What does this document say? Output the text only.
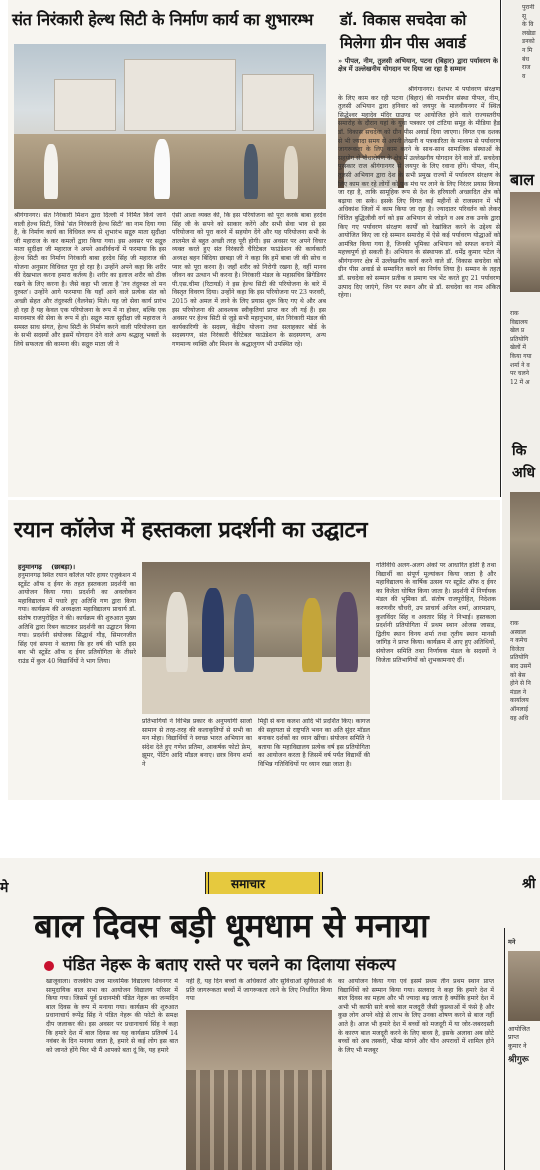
संत निरंकारी हेल्थ सिटी के निर्माण कार्य का शुभारम्भ
श्रीगंगानगर। संत निरंकारी मिशन द्वारा दिल्ली में निर्मित किये जाने वाली हेल्थ सिटी, जिसे 'संत निरंकारी हेल्थ सिटी' का नाम दिया गया है, के निर्माण कार्य का विधिवत रूप से शुभारंभ सद्गुरु माता सुदीक्षा जी महाराज के कर कमलों द्वारा किया गया। इस अवसर पर सद्गुरु माता सुदीक्षा जी महाराज ने अपने आशीर्वचनों में फरमाया कि इस हेल्थ सिटी का निर्माण निरंकारी बाबा हरदेव सिंह जी महाराज की योजना अनुसार विधिवत पूरा हो रहा है। उन्होंने अपने कहा कि शरीर की देखभाल करना हमारा कर्तव्य है। शरीर का इलाज शरीर को ठीक रखने के लिए करना है। जैसे कहा भी जाता है 'तन तंदुरुस्त तो मन दुरुस्त'। उन्होंने आगे फरमाया कि यहाँ आने वाले प्रत्येक संत को अच्छी सेहत और तंदुरुस्ती (वैलनेस) मिले। यह जो सेवा कार्य प्रारंभ हो रहा है यह केवल एक परियोजना के रूप में ना होकर, बल्कि एक मानवमात्र की सेवा के रूप में हो। सद्गुरु माता सुदीक्षा जी महाराज ने समस्त साध संगत, हेल्थ सिटी के निर्माण करने वाली परियोजना दल के सभी सदस्यों और इसमें योगदान देने वाले अन्य श्रद्धालु भक्तों के लिये सफलता की कामना की। सद्गुरु माता जी ने
ऐसी आशा व्यक्त की, कि इस परियोजना को पूरा करके बाबा हरदेव सिंह जी के सपने को साकार करेंगे और सभी सेवा भाव से इस परियोजना को पूरा करने में सहयोग देंगे और यह परियोजना सभी के तालमेल से बहुत अच्छी तरह पूरी होगी। इस अवसर पर अपने विचार व्यक्त करते हुए संत निरंकारी चैरिटेबल फाउंडेशन की कार्यकारी अध्यक्ष बहन बिंदिया छाबड़ा जी ने कहा कि हमें बाबा जी की सोच व प्यार को पूरा करना है। जहाँ शरीर को निरोगी रखना है, वहीं मानव जीवन का उत्थान भी करना है। निरंकारी मंडल के महासचिव ब्रिगेडियर पी.एस.चीमा (रिटायर्ड) ने इस हेल्थ सिटी की परियोजना के बारे में विस्तृत विवरण दिया। उन्होंने कहा कि इस परियोजना पर 23 फरवरी, 2015 को अमल में लाने के लिए प्रयास शुरू किए गए थे और अब इस परियोजना की आवश्यक स्वीकृतियां प्राप्त कर ली गई हैं। इस अवसर पर हेल्थ सिटी से जुड़े सभी महानुभाव, संत निरंकारी मंडल की कार्यकारिणी के सदस्य, केंद्रीय योजना तथा सलाहकार बोर्ड के सदस्यगण, संत निरंकारी चैरिटेबल फाउंडेशन के सदस्यगण, अन्य गणमान्य व्यक्ति और मिशन के श्रद्धालुगण भी उपस्थित रहे।
डॉ. विकास सचदेवा को
मिलेगा ग्रीन पीस अवार्ड
» पीपल, नीम, तुलसी अभियान, पटना (बिहार) द्वारा पर्यावरण के क्षेत्र में उल्लेखनीय योगदान पर दिया जा रहा है सम्मान
श्रीगंगानगर। देशभर में पर्यावरण संरक्षण के लिए काम कर रही पटना (बिहार) की नामचीन संस्था पीपल, नीम, तुलसी अभियान द्वारा हनिवार को जयपुर के मालवीयनगर में स्थित सिद्धेश्वर महादेव मंदिर ग्राउण्ड पर आयोजित होने वाले राज्यस्तरीय समारोह के दौरान यहां के युवा पत्रकार एवं टांटिया समूह के मीडिया हैड डॉ. विकास सचदेवा को ग्रीन पीस अवार्ड दिया जाएगा। विगत एक दशक से भी ज्यादा समय से अपनी लेखनी व पत्रकारिता के माध्यम से पर्यावरण जागरूकता के लिए काम करने के साथ-साथ सामाजिक संस्थाओं के सहयोग से पौधारोपण के क्षेत्र में उल्लेखनीय योगदान देने वाले डॉ. सचदेवा पुरस्कार राज श्रीगंगानगर से जयपुर के लिए रवाना होंगे। पीपल, नीम, तुलसी अभियान द्वारा देश के सभी प्रमुख राज्यों में पर्यावरण संरक्षण के लिए काम कर रहे लोगों को एक मंच पर लाने के लिए निरंतर प्रयास किया जा रहा है, ताकि सामूहिक रूप से देश के हरियाली अच्छादित क्षेत्र को बढ़ाया जा सके। इसके लिए विगत कई महीनों से राजस्थान में भी अधिकांश जिलों में काम किया जा रहा है। ज्यादातर परिवर्तन को लेकर चिंतित बुद्धिजीवी वर्ग को इस अभियान से जोड़ने व अब तक उनके द्वारा किए गए पर्यावरण संरक्षण कार्यों को रेखांकित करने के उद्देश्य से आयोजित किए जा रहे सम्मान समारोह में ऐसे कई पर्यावरण योद्धाओं को आमंत्रित किया गया है, जिनकी भूमिका अभियान को सफल बनाने में महत्त्वपूर्ण हो सकती है। अभियान के संस्थापक डॉ. धर्मेंद्र कुमार पटेल ने श्रीगंगानगर क्षेत्र में उल्लेखनीय कार्य करने वाले डॉ. विकास सचदेवा को ग्रीन पीस अवार्ड से सम्मानित करने का निर्णय लिया है। सम्मान के तहत डॉ. सचदेवा को सम्मान प्रतीक व प्रमाण पत्र भेंट करते हुए 21 पर्यावरण उत्पाद दिए जाएंगे, जिन पर स्थान और से डॉ. सचदेवा का नाम अंकित रहेगा।
पुरानी सू
के वि
लखेडा
डनको
न मि
बंध
राज
व
बाल
राक
विद्यालय
खेल प्र
प्रतियोगि
खेलों में
किया गया
शर्मा ने व
पर चलने
12 में अ
कि अधि
राक
अस्वाल
न कमेच
विजेता
प्रतियोगि
बाद उसमें
को बेस
होने से नि
मंडल ने
कार्यालय
ऑनलाई
वह अधि
रयान कॉलेज में हस्तकला प्रदर्शनी का उद्घाटन
हनुमानगढ़ (छाबड़ा)।
हनुमानगढ़ स्थित रयान कॉलेज फॉर हायर एजुकेशन में स्टूडेंट ऑफ द ईयर के तहत हस्तकला प्रदर्शनी का आयोजन किया गया। प्रदर्शनी का अवलोकन महाविद्यालय में पधारे हुए अतिथि गण द्वारा किया गया। कार्यक्रम की अध्यक्षता महाविद्यालय प्राचार्य डॉ. संतोष राजपुरोहित ने की। कार्यक्रम की शुरुआत मुख्य अतिथि द्वारा रिबन काटकर प्रदर्शनी का उद्घाटन किया गया। प्रदर्शनी संयोजक सिद्धार्थ गौड़, सिमरनजीत सिंह एवं सपना ने बताया कि हर वर्ष की भांति इस बार भी स्टूडेंट ऑफ द ईयर प्रतियोगिता के तीसरे राउंड में कुल 40 विद्यार्थियों ने भाग लिया।
प्रतिभागियों ने विभिन्न प्रकार के अनुपयोगी साजो सामान से तरह-तरह की कलाकृतियों से सभी का मन मोहा। विद्यार्थियों ने स्वच्छ भारत अभियान का संदेश देते हुए गणेश प्रतिमा, आकर्षक फोटो फ्रेम, झूमर, पेंटिंग आदि मॉडल बनाए। छात्र विनय शर्मा ने
मिट्टी से बना कलश आदि भी प्रदर्शित किए। कागज की सहायता से राष्ट्रपति भवन का अति सुंदर मॉडल बनाकर दर्शकों का ध्यान खींचा। संयोजन समिति ने बताया कि महाविद्यालय प्रत्येक वर्ष इस प्रतियोगिता का आयोजन करता है जिसमें वर्ष पर्यंत विद्यार्थी की विभिन्न गतिविधियों पर ध्यान रखा जाता है।
गतिविधि अलग-अलग अंकों पर आधारित होती है तथा विद्यार्थी का संपूर्ण मूल्यांकन किया जाता है और महाविद्यालय के वार्षिक उत्सव पर स्टूडेंट ऑफ द ईयर का विजेता घोषित किया जाता है। प्रदर्शनी में निर्णायक मंडल की भूमिका डॉ. संतोष राजपुरोहित, निदेशक करणवीर चौधरी, उप प्राचार्य अनिल शर्मा, आरमप्राय, कुलविंदर सिंह व अवतार सिंह ने निभाई। हस्तकला प्रदर्शनी प्रतियोगिता में प्रथम स्थान ओजस जासड, द्वितीय स्थान विनय शर्मा तथा तृतीय स्थान मानसी जांगिड़ ने प्राप्त किया। कार्यक्रम में आए हुए अतिथियों, संयोजन समिति तथा निर्णायक मंडल के सदस्यों ने विजेता प्रतिभागियों को शुभकामनाएं दीं।
मे	समाचार	श्री
बाल दिवस बड़ी धूमधाम से मनाया
पंडित नेहरू के बताए रास्ते पर चलने का दिलाया संकल्प
खाजूवाला। राजकीय उच्च माध्यमिक विद्यालय शिवनगर में सामुदायिक बाल सभा का आयोजन विद्यालय परिसर में किया गया। जिसमें पूर्व प्रधानमंत्री पंडित नेहरू का जन्मदिन बाल दिवस के रूप में मनाया गया। कार्यक्रम की शुरुआत प्रधानाचार्य रूपेंद्र सिंह ने पंडित नेहरू की फोटो के समक्ष दीप जलाकर की। इस अवसर पर प्रधानाचार्य सिंह ने कहा कि हमारे देश में बाल दिवस का यह कार्यक्रम प्रतिवर्ष 14 नवंबर के दिन मनाया जाता है, हमारे से कई लोग इस बात को जानते होंगे फिर भी मैं आपको बता दूं कि, यह हमारे
नहीं है, यह दिन बच्चों के अधिकारों और सुविधाओं सुविधाओं के प्रति जागरूकता बच्चों में जागरूकता लाने के लिए निर्धारित किया गया
का आयोजन किया गया एवं इसमें प्रथम तीन प्रथम स्थान प्राप्त विद्यार्थियों को सम्मान किया गया। सलवाद ने कहा कि हमारे देश में बाल दिवस का महत्व और भी ज्यादा बढ़ जाता है क्योंकि हमारे देश में अभी भी काफी सारे बच्चे बाल मजदूरी जैसी कुप्रथाओं में फंसे है और कुछ लोग अपने थोड़े से लाभ के लिए उनका शोषण करने से बाज नहीं आते है। आज भी हमारे देश में बच्चों को मजदूरी में या जोर-जबरदस्ती के कारण बाल मजदूरी करने के लिए बाध्य है, इसके अलावा अब छोटे बच्चों को अब तस्करी, भीख मांगने और यौन अपराधों में शामिल होने के लिए भी मजबूर
मने
आयोजित
प्राप्त
कुमार ने
श्रीगुरू
